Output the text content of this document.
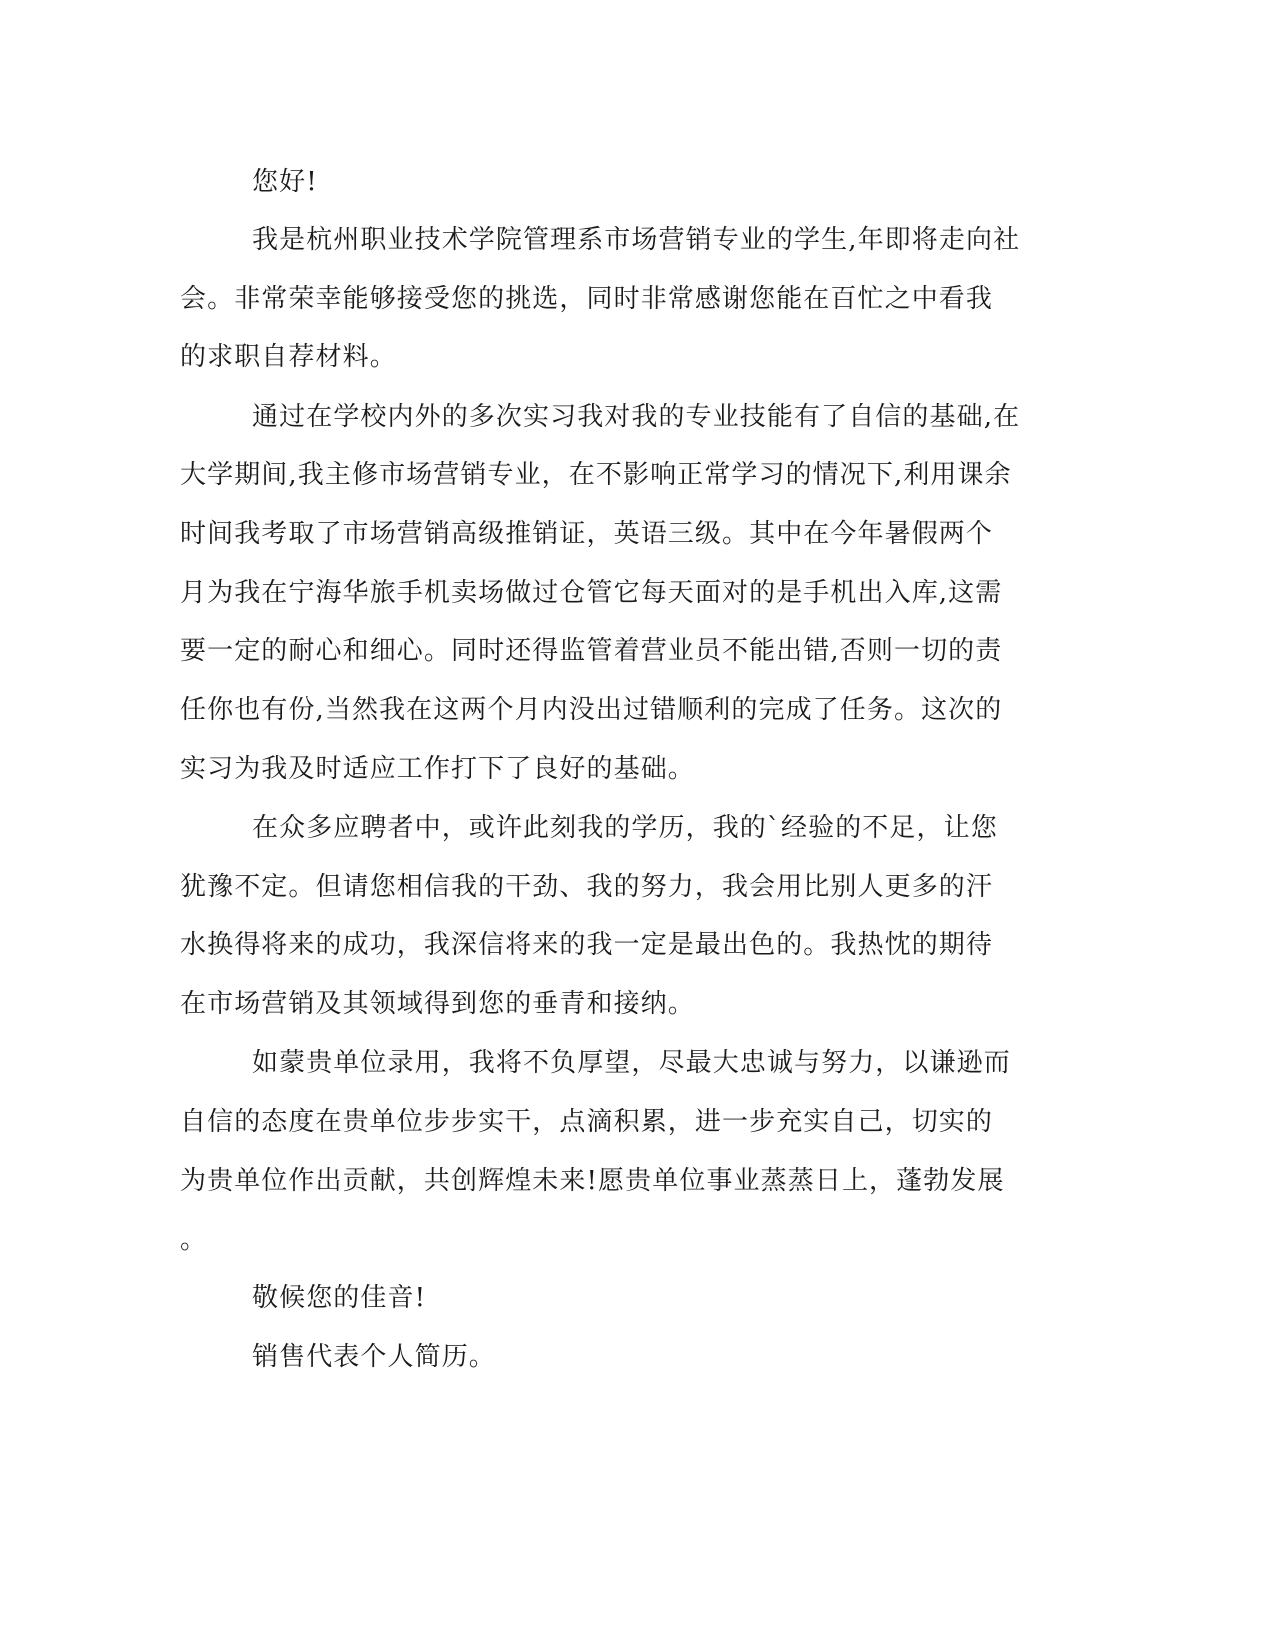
您好!

我是杭州职业技术学院管理系市场营销专业的学生,年即将走向社

会。非常荣幸能够接受您的挑选，同时非常感谢您能在百忙之中看我

的求职自荐材料。

通过在学校内外的多次实习我对我的专业技能有了自信的基础,在

大学期间,我主修市场营销专业，在不影响正常学习的情况下,利用课余

时间我考取了市场营销高级推销证，英语三级。其中在今年暑假两个

月为我在宁海华旅手机卖场做过仓管它每天面对的是手机出入库,这需

要一定的耐心和细心。同时还得监管着营业员不能出错,否则一切的责

任你也有份,当然我在这两个月内没出过错顺利的完成了任务。这次的

实习为我及时适应工作打下了良好的基础。

在众多应聘者中，或许此刻我的学历，我的`经验的不足，让您

犹豫不定。但请您相信我的干劲、我的努力，我会用比别人更多的汗

水换得将来的成功，我深信将来的我一定是最出色的。我热忱的期待

在市场营销及其领域得到您的垂青和接纳。

如蒙贵单位录用，我将不负厚望，尽最大忠诚与努力，以谦逊而

自信的态度在贵单位步步实干，点滴积累，进一步充实自己，切实的

为贵单位作出贡献，共创辉煌未来!愿贵单位事业蒸蒸日上，蓬勃发展

。

敬候您的佳音!

销售代表个人简历。
